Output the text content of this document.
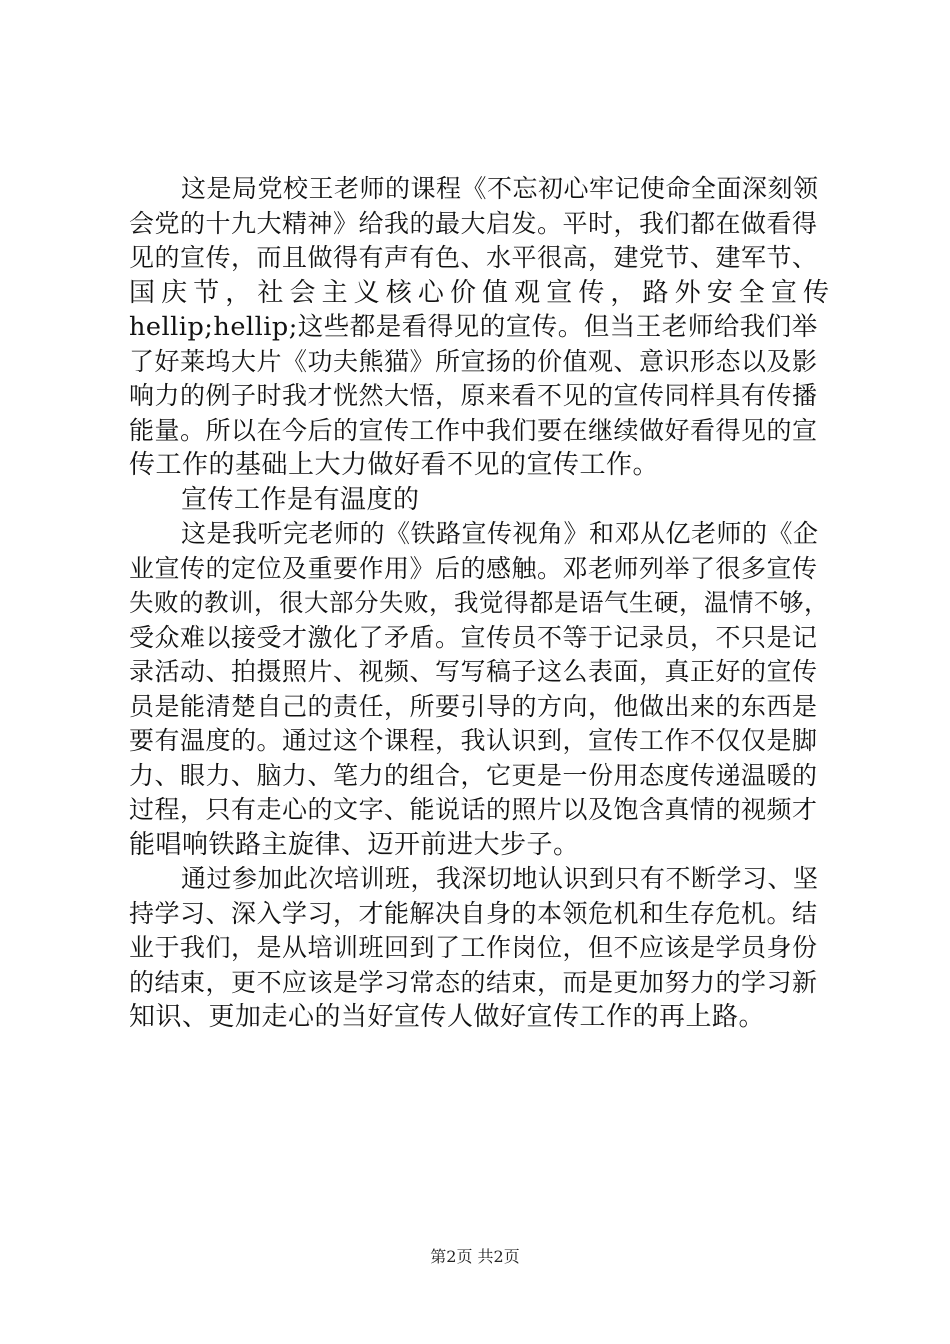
这是局党校王老师的课程《不忘初心牢记使命全面深刻领
会党的十九大精神》给我的最大启发。平时，我们都在做看得
见的宣传，而且做得有声有色、水平很高，建党节、建军节、
国 庆 节 ， 社 会 主 义 核 心 价 值 观 宣 传 ， 路 外 安 全 宣 传
hellip;hellip;这些都是看得见的宣传。但当王老师给我们举
了好莱坞大片《功夫熊猫》所宣扬的价值观、意识形态以及影
响力的例子时我才恍然大悟，原来看不见的宣传同样具有传播
能量。所以在今后的宣传工作中我们要在继续做好看得见的宣
传工作的基础上大力做好看不见的宣传工作。
宣传工作是有温度的
这是我听完老师的《铁路宣传视角》和邓从亿老师的《企
业宣传的定位及重要作用》后的感触。邓老师列举了很多宣传
失败的教训，很大部分失败，我觉得都是语气生硬，温情不够，
受众难以接受才激化了矛盾。宣传员不等于记录员，不只是记
录活动、拍摄照片、视频、写写稿子这么表面，真正好的宣传
员是能清楚自己的责任，所要引导的方向，他做出来的东西是
要有温度的。通过这个课程，我认识到，宣传工作不仅仅是脚
力、眼力、脑力、笔力的组合，它更是一份用态度传递温暖的
过程，只有走心的文字、能说话的照片以及饱含真情的视频才
能唱响铁路主旋律、迈开前进大步子。
通过参加此次培训班，我深切地认识到只有不断学习、坚
持学习、深入学习，才能解决自身的本领危机和生存危机。结
业于我们，是从培训班回到了工作岗位，但不应该是学员身份
的结束，更不应该是学习常态的结束，而是更加努力的学习新
知识、更加走心的当好宣传人做好宣传工作的再上路。
第2页 共2页
